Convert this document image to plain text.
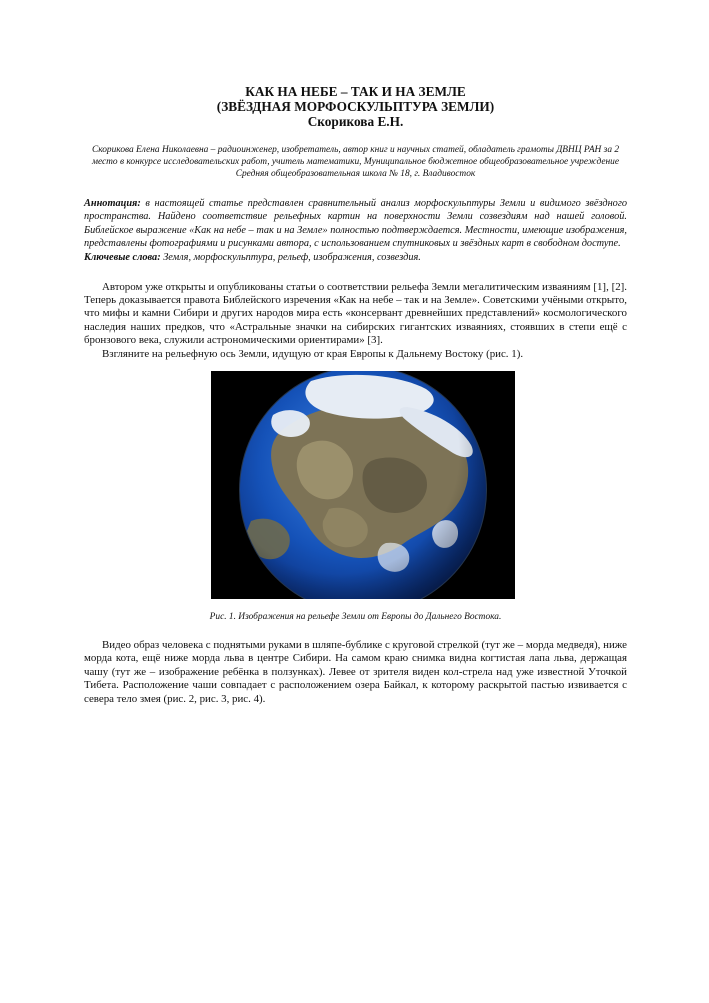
КАК НА НЕБЕ – ТАК И НА ЗЕМЛЕ

(ЗВЁЗДНАЯ МОРФОСКУЛЬПТУРА ЗЕМЛИ)

Скорикова Е.Н.

Скорикова Елена Николаевна – радиоинженер, изобретатель, автор книг и научных статей, обладатель грамоты ДВНЦ РАН за 2 место в конкурсе исследовательских работ, учитель математики, Муниципальное бюджетное общеобразовательное учреждение Средняя общеобразовательная школа № 18, г. Владивосток
Аннотация: в настоящей статье представлен сравнительный анализ морфоскульптуры Земли и видимого звёздного пространства. Найдено соответствие рельефных картин на поверхности Земли созвездиям над нашей головой. Библейское выражение «Как на небе – так и на Земле» полностью подтверждается. Местности, имеющие изображения, представлены фотографиями и рисунками автора, с использованием спутниковых и звёздных карт в свободном доступе.
Ключевые слова: Земля, морфоскульптура, рельеф, изображения, созвездия.

Автором уже открыты и опубликованы статьи о соответствии рельефа Земли мегалитическим изваяниям [1], [2]. Теперь доказывается правота Библейского изречения «Как на небе – так и на Земле». Советскими учёными открыто, что мифы и камни Сибири и других народов мира есть «консервант древнейших представлений» космологического наследия наших предков, что «Астральные значки на сибирских гигантских изваяниях, стоявших в степи ещё с бронзового века, служили астрономическими ориентирами» [3].

Взгляните на рельефную ось Земли, идущую от края Европы к Дальнему Востоку (рис. 1).

Рис. 1. Изображения на рельефе Земли от Европы до Дальнего Востока.

Видео образ человека с поднятыми руками в шляпе-бублике с круговой стрелкой (тут же – морда медведя), ниже морда кота, ещё ниже морда льва в центре Сибири. На самом краю снимка видна когтистая лапа льва, держащая чашу (тут же – изображение ребёнка в ползунках). Левее от зрителя виден кол-стрела над уже известной Уточкой Тибета. Расположение чаши совпадает с расположением озера Байкал, к которому раскрытой пастью извивается с севера тело змея (рис. 2, рис. 3, рис. 4).
